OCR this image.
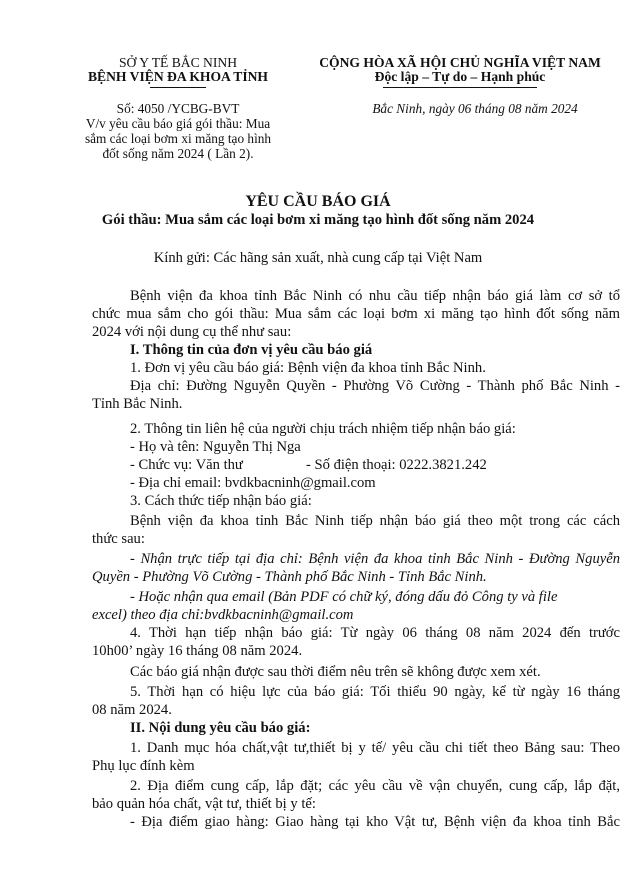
SỞ Y TẾ BẮC NINH
BỆNH VIỆN ĐA KHOA TỈNH
CỘNG HÒA XÃ HỘI CHỦ NGHĨA VIỆT NAM
Độc lập – Tự do – Hạnh phúc
Số: 4050 /YCBG-BVT
V/v yêu cầu báo giá gói thầu: Mua
sắm các loại bơm xi măng tạo hình
đốt sống năm 2024 ( Lần 2).
Bắc Ninh, ngày 06 tháng 08 năm 2024
YÊU CẦU BÁO GIÁ
Gói thầu: Mua sắm các loại bơm xi măng tạo hình đốt sống năm 2024
Kính gửi: Các hãng sản xuất, nhà cung cấp tại Việt Nam
Bệnh viện đa khoa tỉnh Bắc Ninh có nhu cầu tiếp nhận báo giá làm cơ sở tổ
chức mua sắm cho gói thầu: Mua sắm các loại bơm xi măng tạo hình đốt sống năm
2024 với nội dung cụ thể như sau:
I. Thông tin của đơn vị yêu cầu báo giá
1. Đơn vị yêu cầu báo giá: Bệnh viện đa khoa tỉnh Bắc Ninh.
Địa chỉ: Đường Nguyễn Quyền - Phường Võ Cường - Thành phố Bắc Ninh -
Tỉnh Bắc Ninh.
2. Thông tin liên hệ của người chịu trách nhiệm tiếp nhận báo giá:
- Họ và tên: Nguyễn Thị Nga
- Chức vụ: Văn thư	- Số điện thoại: 0222.3821.242
- Địa chỉ email: bvdkbacninh@gmail.com
3. Cách thức tiếp nhận báo giá:
Bệnh viện đa khoa tỉnh Bắc Ninh tiếp nhận báo giá theo một trong các cách
thức sau:
- Nhận trực tiếp tại địa chỉ: Bệnh viện đa khoa tỉnh Bắc Ninh - Đường Nguyễn
Quyền - Phường Võ Cường - Thành phố Bắc Ninh - Tỉnh Bắc Ninh.
- Hoặc nhận qua email (Bản PDF có chữ ký, đóng dấu đỏ Công ty và file
excel) theo địa chỉ:bvdkbacninh@gmail.com
4. Thời hạn tiếp nhận báo giá: Từ ngày 06 tháng 08 năm 2024 đến trước
10h00’ ngày 16 tháng 08 năm 2024.
Các báo giá nhận được sau thời điểm nêu trên sẽ không được xem xét.
5. Thời hạn có hiệu lực của báo giá: Tối thiểu 90 ngày, kể từ ngày 16 tháng
08 năm 2024.
II. Nội dung yêu cầu báo giá:
1. Danh mục hóa chất,vật tư,thiết bị y tế/ yêu cầu chi tiết theo Bảng sau: Theo
Phụ lục đính kèm
2. Địa điểm cung cấp, lắp đặt; các yêu cầu về vận chuyển, cung cấp, lắp đặt,
bảo quản hóa chất, vật tư, thiết bị y tế:
- Địa điểm giao hàng: Giao hàng tại kho Vật tư, Bệnh viện đa khoa tỉnh Bắc
